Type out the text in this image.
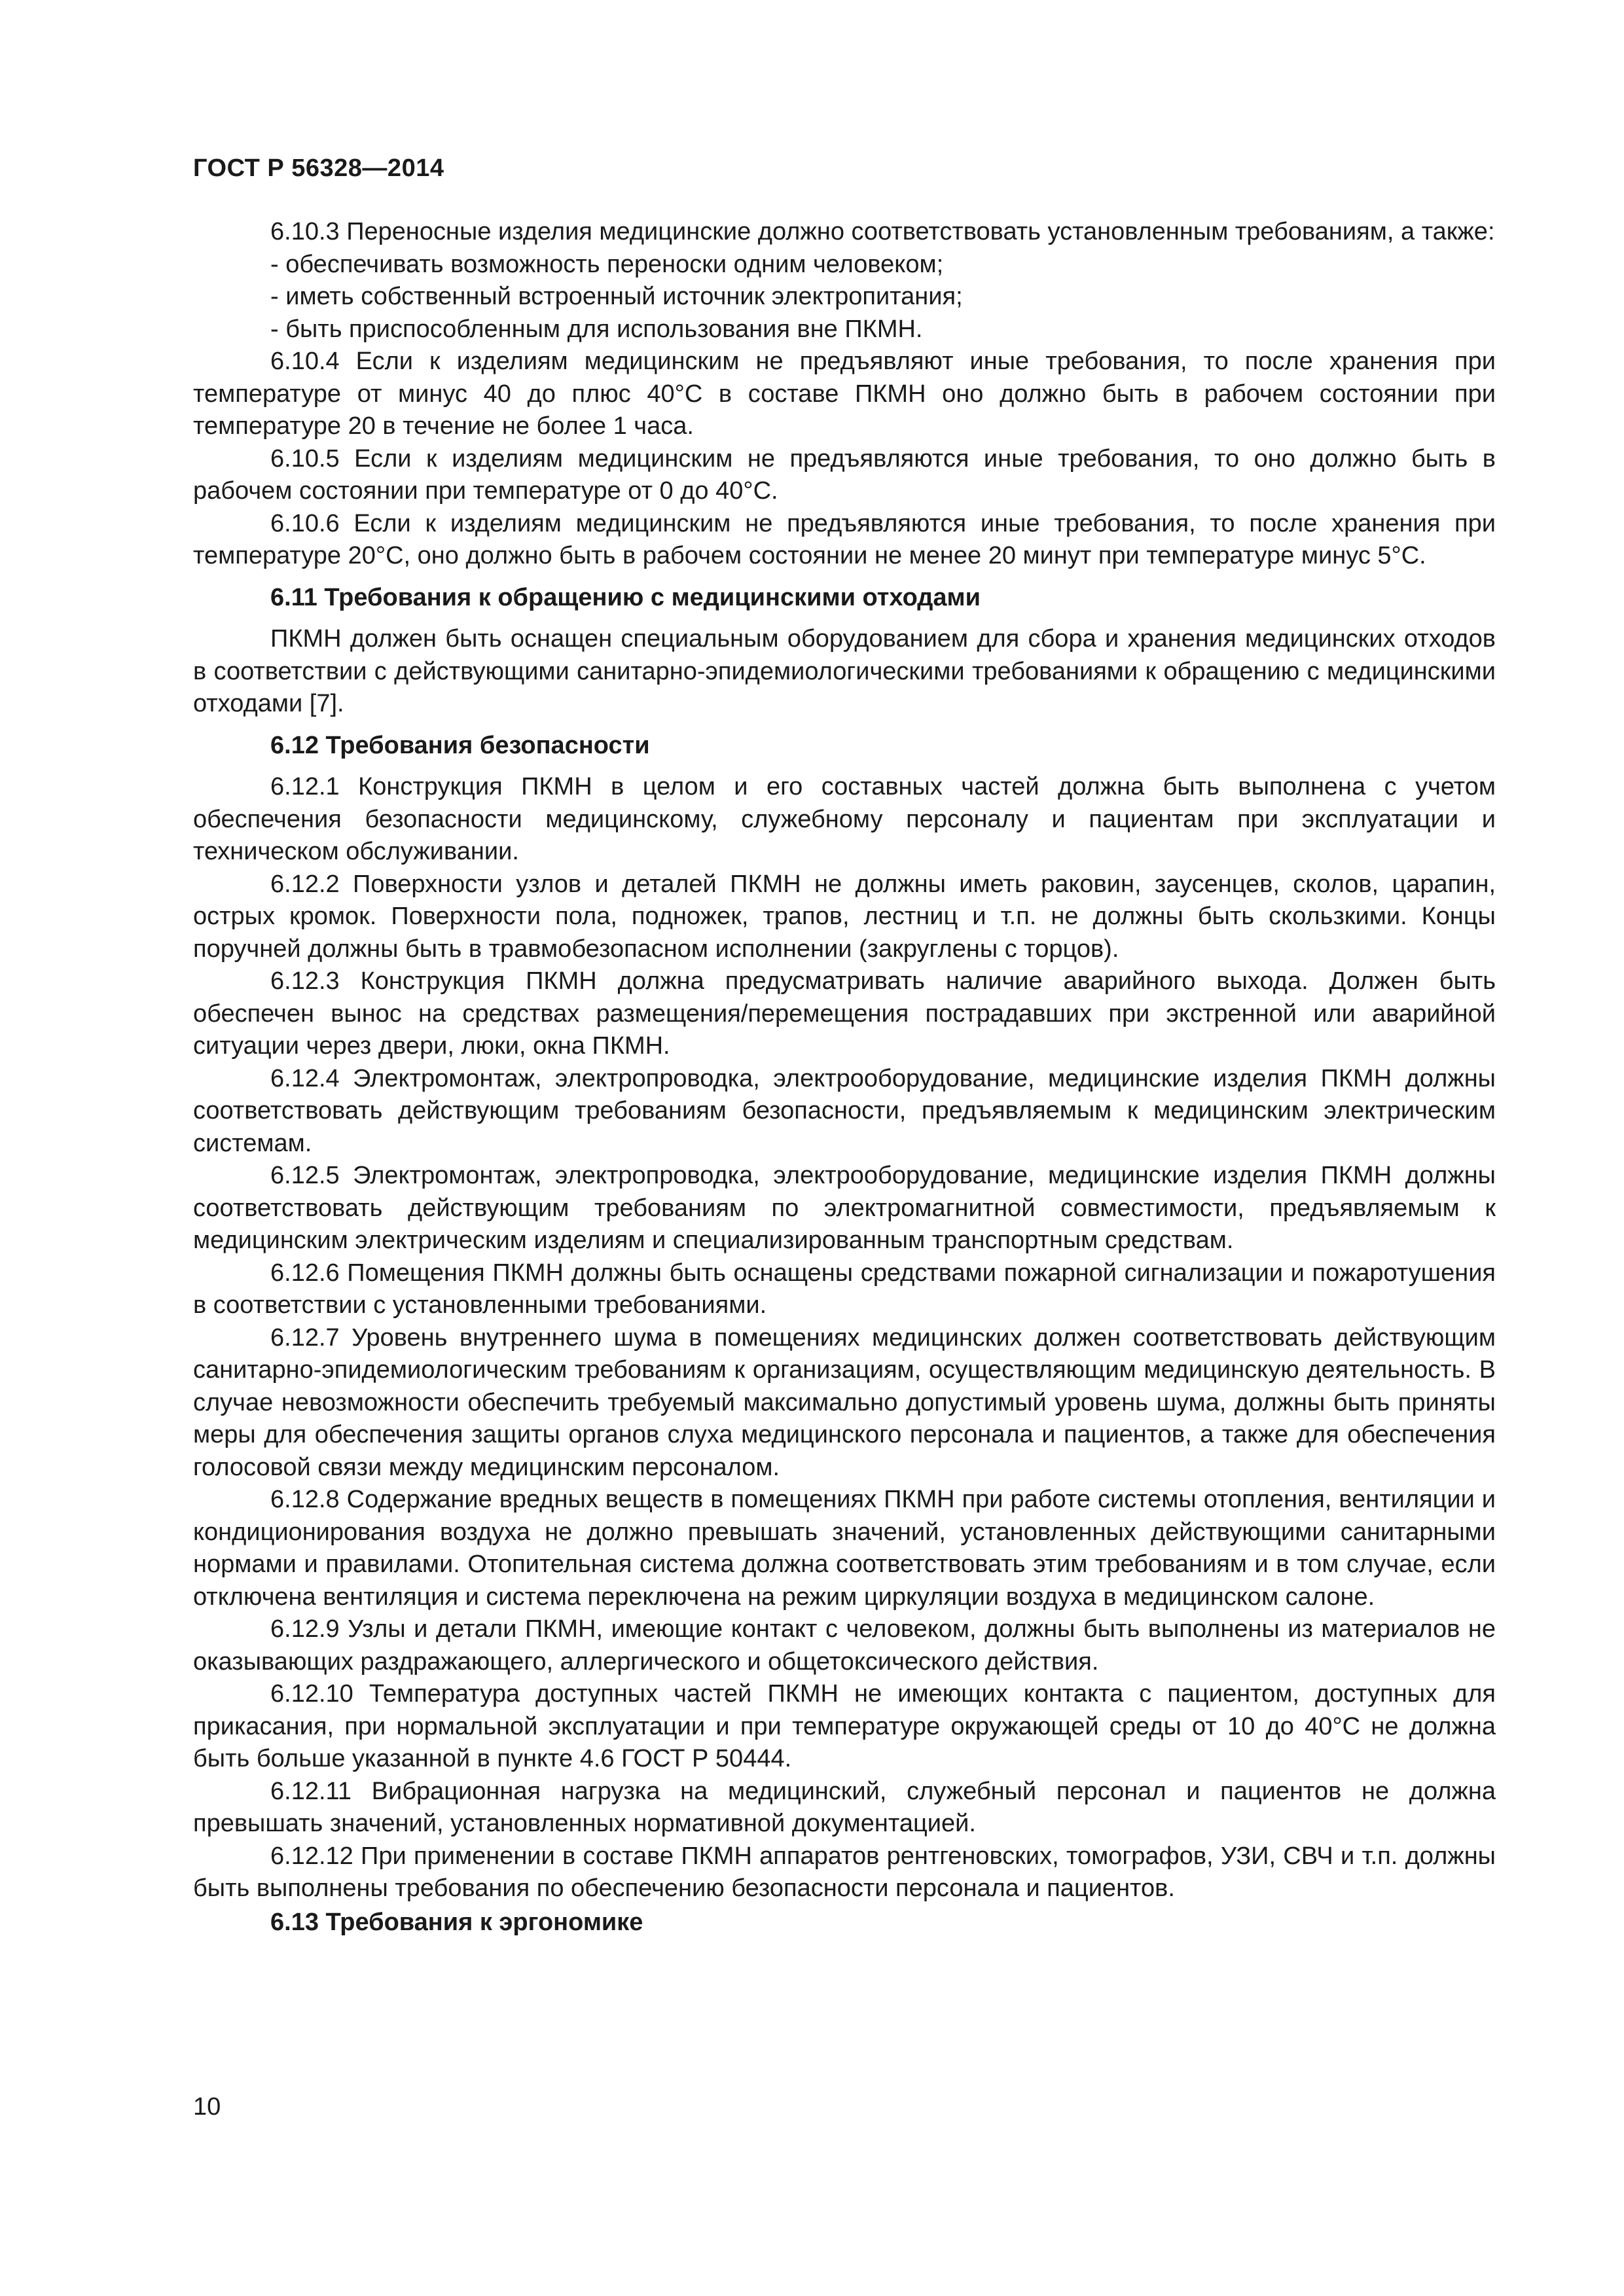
ГОСТ Р 56328—2014

6.10.3 Переносные изделия медицинские должно соответствовать установленным требованиям, а также:

- обеспечивать возможность переноски одним человеком;

- иметь собственный встроенный источник электропитания;

- быть приспособленным для использования вне ПКМН.

6.10.4 Если к изделиям медицинским не предъявляют иные требования, то после хранения при температуре от минус 40 до плюс 40°С в составе ПКМН оно должно быть в рабочем состоянии при температуре 20 в течение не более 1 часа.

6.10.5 Если к изделиям медицинским не предъявляются иные требования, то оно должно быть в рабочем состоянии при температуре от 0 до 40°С.

6.10.6 Если к изделиям медицинским не предъявляются иные требования, то после хранения при температуре 20°С, оно должно быть в рабочем состоянии не менее 20 минут при температуре минус 5°С.

6.11 Требования к обращению с медицинскими отходами

ПКМН должен быть оснащен специальным оборудованием для сбора и хранения медицинских отходов в соответствии с действующими санитарно-эпидемиологическими требованиями к обращению с медицинскими отходами [7].

6.12 Требования безопасности

6.12.1 Конструкция ПКМН в целом и его составных частей должна быть выполнена с учетом обеспечения безопасности медицинскому, служебному персоналу и пациентам при эксплуатации и техническом обслуживании.

6.12.2 Поверхности узлов и деталей ПКМН не должны иметь раковин, заусенцев, сколов, царапин, острых кромок. Поверхности пола, подножек, трапов, лестниц и т.п. не должны быть скользкими. Концы поручней должны быть в травмобезопасном исполнении (закруглены с торцов).

6.12.3 Конструкция ПКМН должна предусматривать наличие аварийного выхода. Должен быть обеспечен вынос на средствах размещения/перемещения пострадавших при экстренной или аварийной ситуации через двери, люки, окна ПКМН.

6.12.4 Электромонтаж, электропроводка, электрооборудование, медицинские изделия ПКМН должны соответствовать действующим требованиям безопасности, предъявляемым к медицинским электрическим системам.

6.12.5 Электромонтаж, электропроводка, электрооборудование, медицинские изделия ПКМН должны соответствовать действующим требованиям по электромагнитной совместимости, предъявляемым к медицинским электрическим изделиям и специализированным транспортным средствам.

6.12.6 Помещения ПКМН должны быть оснащены средствами пожарной сигнализации и пожаротушения в соответствии с установленными требованиями.

6.12.7 Уровень внутреннего шума в помещениях медицинских должен соответствовать действующим санитарно-эпидемиологическим требованиям к организациям, осуществляющим медицинскую деятельность. В случае невозможности обеспечить требуемый максимально допустимый уровень шума, должны быть приняты меры для обеспечения защиты органов слуха медицинского персонала и пациентов, а также для обеспечения голосовой связи между медицинским персоналом.

6.12.8 Содержание вредных веществ в помещениях ПКМН при работе системы отопления, вентиляции и кондиционирования воздуха не должно превышать значений, установленных действующими санитарными нормами и правилами. Отопительная система должна соответствовать этим требованиям и в том случае, если отключена вентиляция и система переключена на режим циркуляции воздуха в медицинском салоне.

6.12.9 Узлы и детали ПКМН, имеющие контакт с человеком, должны быть выполнены из материалов не оказывающих раздражающего, аллергического и общетоксического действия.

6.12.10 Температура доступных частей ПКМН не имеющих контакта с пациентом, доступных для прикасания, при нормальной эксплуатации и при температуре окружающей среды от 10 до 40°С не должна быть больше указанной в пункте 4.6 ГОСТ Р 50444.

6.12.11 Вибрационная нагрузка на медицинский, служебный персонал и пациентов не должна превышать значений, установленных нормативной документацией.

6.12.12 При применении в составе ПКМН аппаратов рентгеновских, томографов, УЗИ, СВЧ и т.п. должны быть выполнены требования по обеспечению безопасности персонала и пациентов.

6.13 Требования к эргономике
10
